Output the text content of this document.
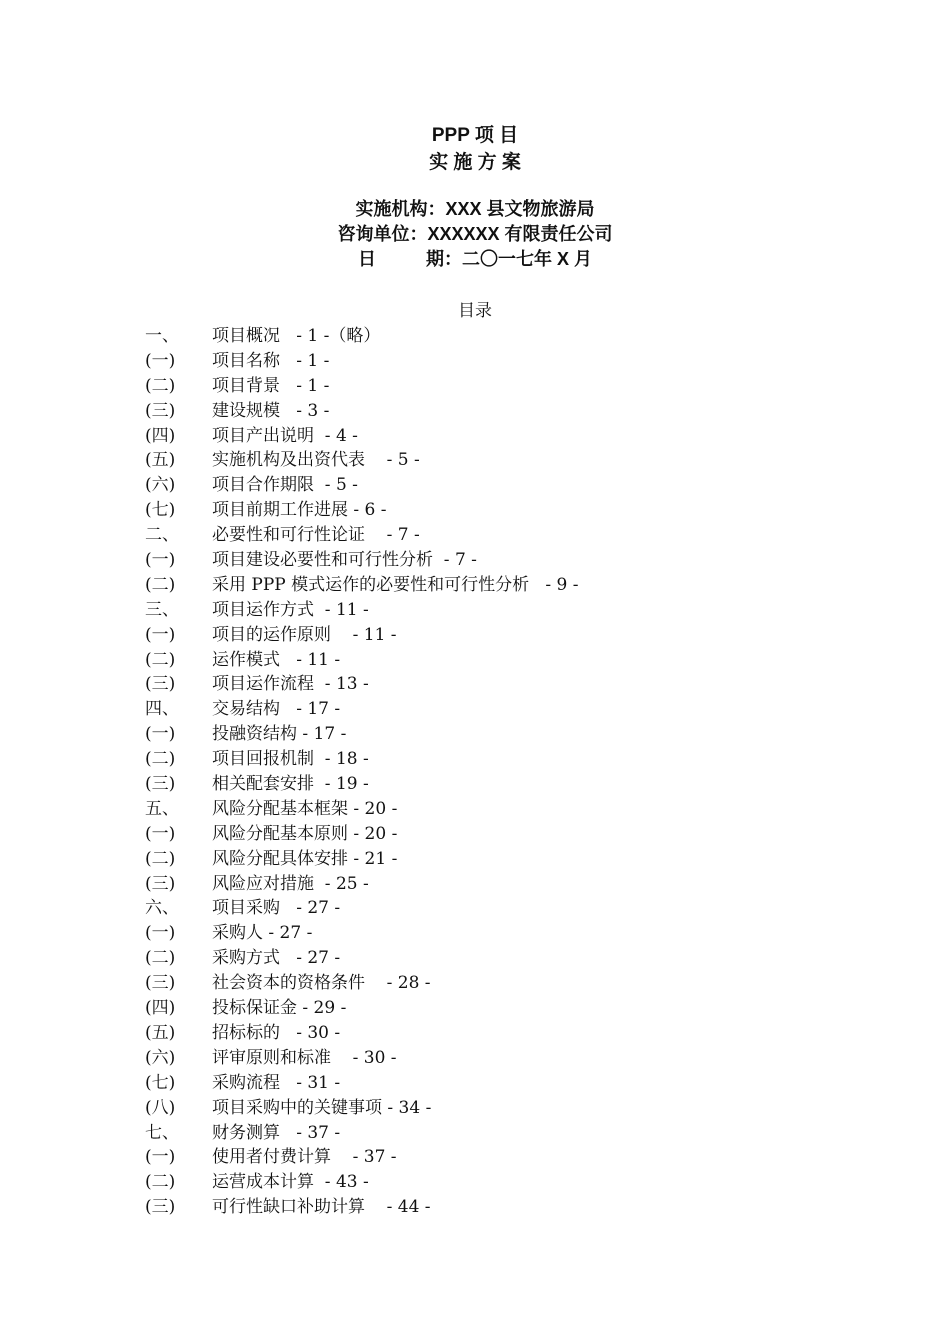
PPP 项 目
实 施 方 案
实施机构：XXX 县文物旅游局
咨询单位：XXXXXX 有限责任公司
日          期：二〇一七年 X 月
目录
一、 项目概况   - 1 -（略）
(一) 项目名称   - 1 -
(二) 项目背景   - 1 -
(三) 建设规模   - 3 -
(四) 项目产出说明  - 4 -
(五) 实施机构及出资代表    - 5 -
(六) 项目合作期限  - 5 -
(七) 项目前期工作进展 - 6 -
二、 必要性和可行性论证    - 7 -
(一) 项目建设必要性和可行性分析  - 7 -
(二) 采用 PPP 模式运作的必要性和可行性分析   - 9 -
三、 项目运作方式  - 11 -
(一) 项目的运作原则    - 11 -
(二) 运作模式   - 11 -
(三) 项目运作流程  - 13 -
四、 交易结构   - 17 -
(一) 投融资结构 - 17 -
(二) 项目回报机制  - 18 -
(三) 相关配套安排  - 19 -
五、 风险分配基本框架 - 20 -
(一) 风险分配基本原则 - 20 -
(二) 风险分配具体安排 - 21 -
(三) 风险应对措施  - 25 -
六、 项目采购   - 27 -
(一) 采购人 - 27 -
(二) 采购方式   - 27 -
(三) 社会资本的资格条件    - 28 -
(四) 投标保证金 - 29 -
(五) 招标标的   - 30 -
(六) 评审原则和标准    - 30 -
(七) 采购流程   - 31 -
(八) 项目采购中的关键事项 - 34 -
七、 财务测算   - 37 -
(一) 使用者付费计算    - 37 -
(二) 运营成本计算  - 43 -
(三) 可行性缺口补助计算    - 44 -
